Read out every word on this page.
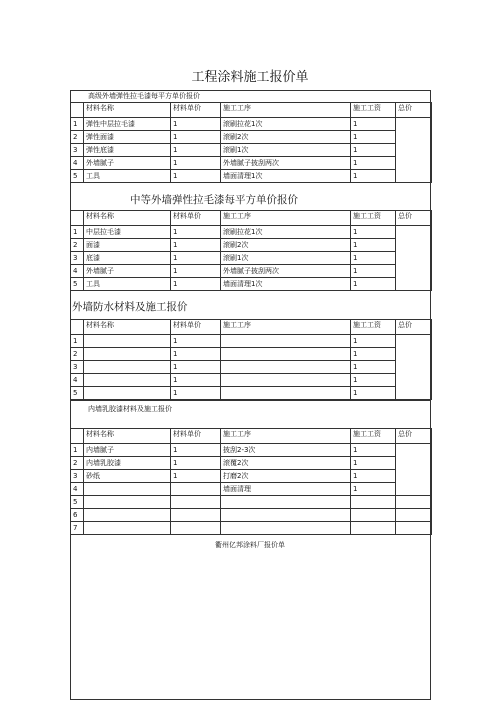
工程涂料施工报价单
高级外墙弹性拉毛漆每平方单价报价
	材料名称	材料单价	施工工序	施工工资	总价
1	弹性中层拉毛漆	1	滚刷拉花1次	1	
2	弹性面漆	1	滚刷2次	1	
3	弹性底漆	1	滚刷1次	1	
4	外墙腻子	1	外墙腻子披刮两次	1	
5	工具	1	墙面清理1次	1	
中等外墙弹性拉毛漆每平方单价报价
	材料名称	材料单价	施工工序	施工工资	总价
1	中层拉毛漆	1	滚刷拉花1次	1	
2	面漆	1	滚刷2次	1	
3	底漆	1	滚刷1次	1	
4	外墙腻子	1	外墙腻子披刮两次	1	
5	工具	1	墙面清理1次	1	
外墙防水材料及施工报价
	材料名称	材料单价	施工工序	施工工资	总价
1		1		1	
2		1		1	
3		1		1	
4		1		1	
5		1		1	
内墙乳胶漆材料及施工报价
	材料名称	材料单价	施工工序	施工工资	总价
1	内墙腻子	1	披刮2-3次	1	
2	内墙乳胶漆	1	滚覆2次	1	
3	砂纸	1	打磨2次	1	
4			墙面清理	1	
5					
6					
7					
衢州亿邦涂料厂报价单
